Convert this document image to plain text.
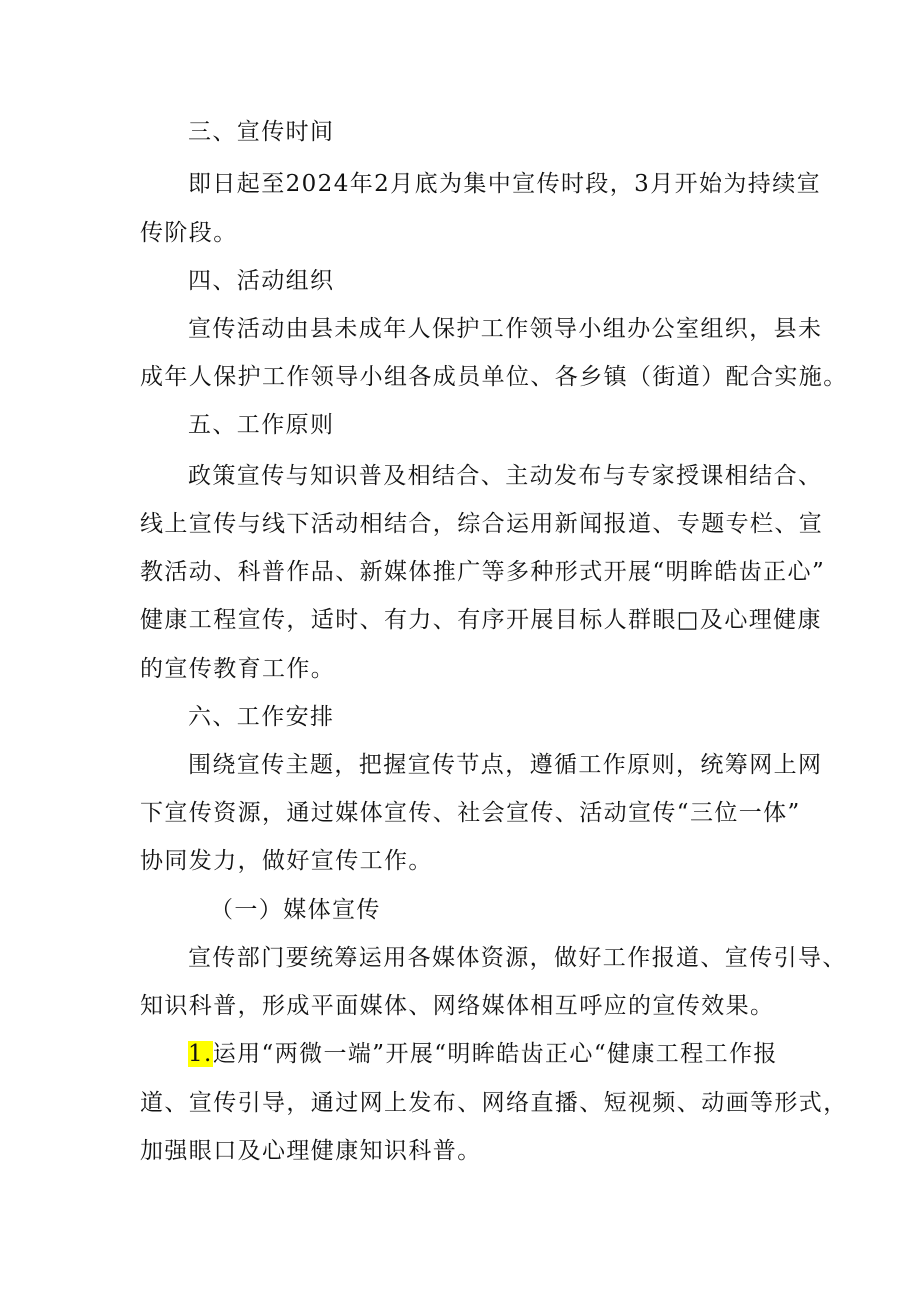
三、宣传时间
即日起至2024年2月底为集中宣传时段，3月开始为持续宣
传阶段。
四、活动组织
宣传活动由县未成年人保护工作领导小组办公室组织，县未
成年人保护工作领导小组各成员单位、各乡镇（街道）配合实施。
五、工作原则
政策宣传与知识普及相结合、主动发布与专家授课相结合、
线上宣传与线下活动相结合，综合运用新闻报道、专题专栏、宣
教活动、科普作品、新媒体推广等多种形式开展“明眸皓齿正心”
健康工程宣传，适时、有力、有序开展目标人群眼□及心理健康
的宣传教育工作。
六、工作安排
围绕宣传主题，把握宣传节点，遵循工作原则，统筹网上网
下宣传资源，通过媒体宣传、社会宣传、活动宣传“三位一体”
协同发力，做好宣传工作。
（一）媒体宣传
宣传部门要统筹运用各媒体资源，做好工作报道、宣传引导、
知识科普，形成平面媒体、网络媒体相互呼应的宣传效果。
1.运用“两微一端”开展“明眸皓齿正心“健康工程工作报
道、宣传引导，通过网上发布、网络直播、短视频、动画等形式，
加强眼口及心理健康知识科普。
